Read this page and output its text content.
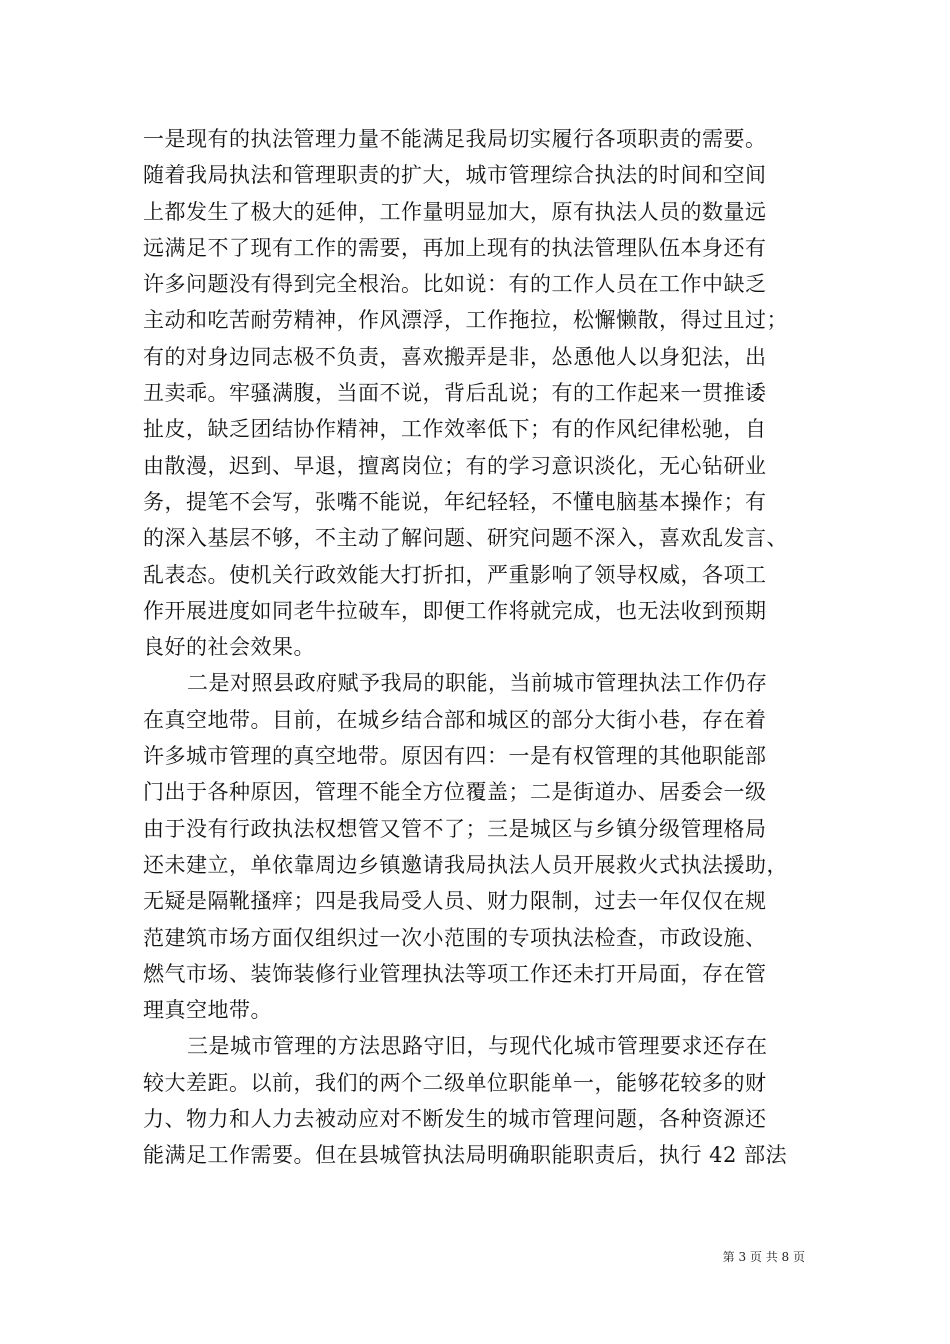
一是现有的执法管理力量不能满足我局切实履行各项职责的需要。
随着我局执法和管理职责的扩大，城市管理综合执法的时间和空间
上都发生了极大的延伸，工作量明显加大，原有执法人员的数量远
远满足不了现有工作的需要，再加上现有的执法管理队伍本身还有
许多问题没有得到完全根治。比如说：有的工作人员在工作中缺乏
主动和吃苦耐劳精神，作风漂浮，工作拖拉，松懈懒散，得过且过；
有的对身边同志极不负责，喜欢搬弄是非，怂恿他人以身犯法，出
丑卖乖。牢骚满腹，当面不说，背后乱说；有的工作起来一贯推诿
扯皮，缺乏团结协作精神，工作效率低下；有的作风纪律松驰，自
由散漫，迟到、早退，擅离岗位；有的学习意识淡化，无心钻研业
务，提笔不会写，张嘴不能说，年纪轻轻，不懂电脑基本操作；有
的深入基层不够，不主动了解问题、研究问题不深入，喜欢乱发言、
乱表态。使机关行政效能大打折扣，严重影响了领导权威，各项工
作开展进度如同老牛拉破车，即便工作将就完成，也无法收到预期
良好的社会效果。
二是对照县政府赋予我局的职能，当前城市管理执法工作仍存
在真空地带。目前，在城乡结合部和城区的部分大街小巷，存在着
许多城市管理的真空地带。原因有四：一是有权管理的其他职能部
门出于各种原因，管理不能全方位覆盖；二是街道办、居委会一级
由于没有行政执法权想管又管不了；三是城区与乡镇分级管理格局
还未建立，单依靠周边乡镇邀请我局执法人员开展救火式执法援助，
无疑是隔靴搔痒；四是我局受人员、财力限制，过去一年仅仅在规
范建筑市场方面仅组织过一次小范围的专项执法检查，市政设施、
燃气市场、装饰装修行业管理执法等项工作还未打开局面，存在管
理真空地带。
三是城市管理的方法思路守旧，与现代化城市管理要求还存在
较大差距。以前，我们的两个二级单位职能单一，能够花较多的财
力、物力和人力去被动应对不断发生的城市管理问题，各种资源还
能满足工作需要。但在县城管执法局明确职能职责后，执行 42 部法
第 3 页 共 8 页
